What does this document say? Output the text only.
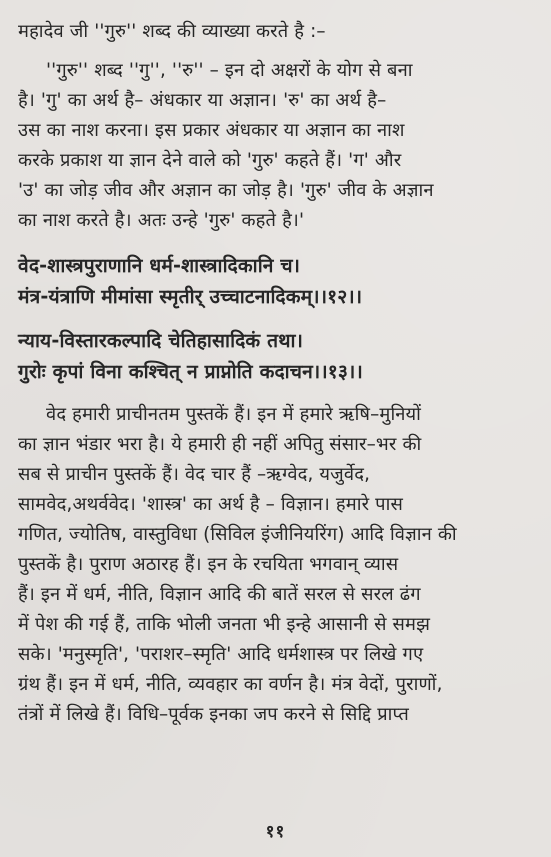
महादेव जी ''गुरु'' शब्द की व्याख्या करते है :–
''गुरु'' शब्द ''गु'', ''रु'' – इन दो अक्षरों के योग से बना
है। 'गु' का अर्थ है– अंधकार या अज्ञान। 'रु' का अर्थ है–
उस का नाश करना। इस प्रकार अंधकार या अज्ञान का नाश
करके प्रकाश या ज्ञान देने वाले को 'गुरु' कहते हैं। 'ग' और
'उ' का जोड़ जीव और अज्ञान का जोड़ है। 'गुरु' जीव के अज्ञान
का नाश करते है। अतः उन्हे 'गुरु' कहते है।'
वेद-शास्त्रपुराणानि धर्म-शास्त्रादिकानि च।
मंत्र-यंत्राणि मीमांसा स्मृतीर् उच्चाटनादिकम्।।१२।।
न्याय-विस्तारकल्पादि चेतिहासादिकं तथा।
गुरोः कृपां विना कश्चित् न प्राप्नोति कदाचन।।१३।।
वेद हमारी प्राचीनतम पुस्तकें हैं। इन में हमारे ऋषि–मुनियों
का ज्ञान भंडार भरा है। ये हमारी ही नहीं अपितु संसार–भर की
सब से प्राचीन पुस्तकें हैं। वेद चार हैं –ऋग्वेद, यजुर्वेद,
सामवेद,अथर्ववेद। 'शास्त्र' का अर्थ है – विज्ञान। हमारे पास
गणित, ज्योतिष, वास्तुविधा (सिविल इंजीनियरिंग) आदि विज्ञान की
पुस्तकें है। पुराण अठारह हैं। इन के रचयिता भगवान् व्यास
हैं। इन में धर्म, नीति, विज्ञान आदि की बातें सरल से सरल ढंग
में पेश की गई हैं, ताकि भोली जनता भी इन्हे आसानी से समझ
सके। 'मनुस्मृति', 'पराशर–स्मृति' आदि धर्मशास्त्र पर लिखे गए
ग्रंथ हैं। इन में धर्म, नीति, व्यवहार का वर्णन है। मंत्र वेदों, पुराणों,
तंत्रों में लिखे हैं। विधि–पूर्वक इनका जप करने से सिद्दि प्राप्त
११
